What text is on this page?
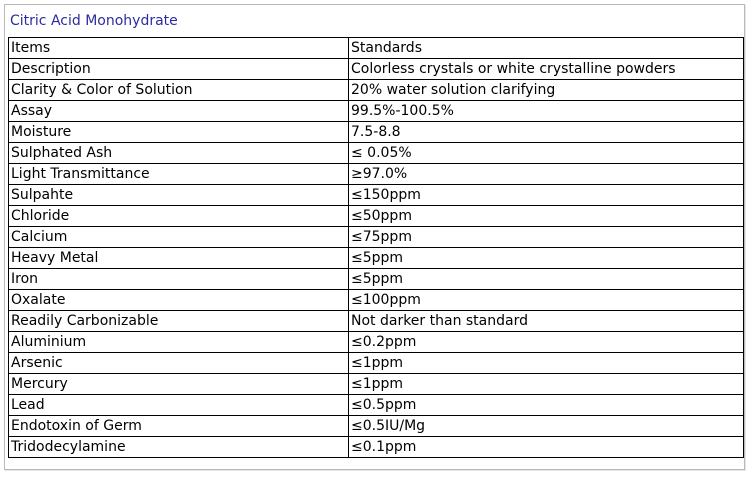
Citric Acid Monohydrate
Items	Standards
Description	Colorless crystals or white crystalline powders
Clarity & Color of Solution	20% water solution clarifying
Assay	99.5%-100.5%
Moisture	7.5-8.8
Sulphated Ash	≤ 0.05%
Light Transmittance	≥97.0%
Sulpahte	≤150ppm
Chloride	≤50ppm
Calcium	≤75ppm
Heavy Metal	≤5ppm
Iron	≤5ppm
Oxalate	≤100ppm
Readily Carbonizable	Not darker than standard
Aluminium	≤0.2ppm
Arsenic	≤1ppm
Mercury	≤1ppm
Lead	≤0.5ppm
Endotoxin of Germ	≤0.5IU/Mg
Tridodecylamine	≤0.1ppm
